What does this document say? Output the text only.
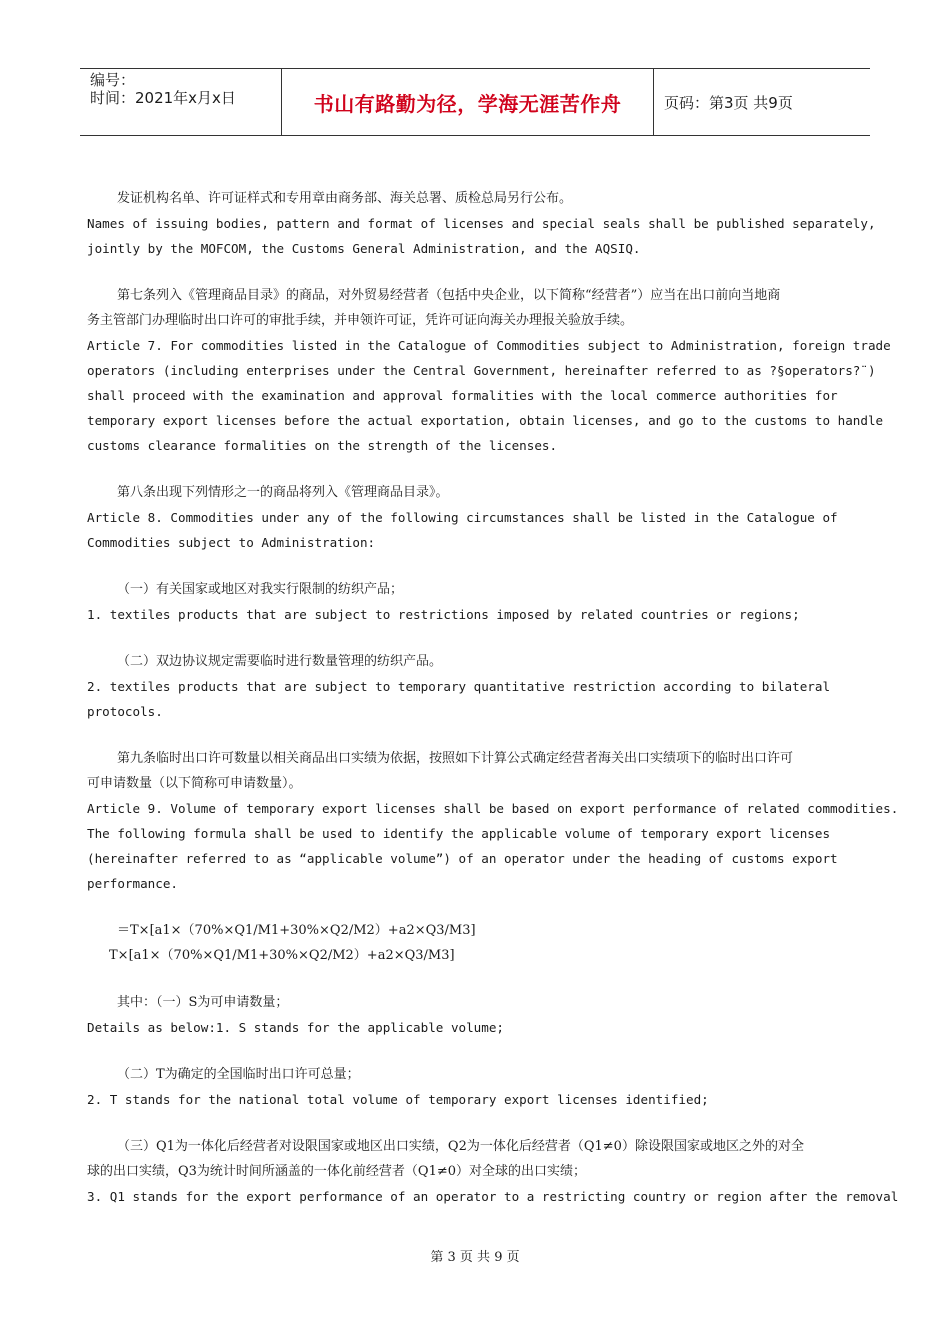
编号：
时间：2021年x月x日	书山有路勤为径，学海无涯苦作舟	页码：第3页 共9页
发证机构名单、许可证样式和专用章由商务部、海关总署、质检总局另行公布。
Names of issuing bodies, pattern and format of licenses and special seals shall be published separately,
jointly by the MOFCOM, the Customs General Administration, and the AQSIQ.
第七条列入《管理商品目录》的商品，对外贸易经营者（包括中央企业，以下简称“经营者”）应当在出口前向当地商
务主管部门办理临时出口许可的审批手续，并申领许可证，凭许可证向海关办理报关验放手续。
Article 7. For commodities listed in the Catalogue of Commodities subject to Administration, foreign trade
operators (including enterprises under the Central Government, hereinafter referred to as ?§operators?¨)
shall proceed with the examination and approval formalities with the local commerce authorities for
temporary export licenses before the actual exportation, obtain licenses, and go to the customs to handle
customs clearance formalities on the strength of the licenses.
第八条出现下列情形之一的商品将列入《管理商品目录》。
Article 8. Commodities under any of the following circumstances shall be listed in the Catalogue of
Commodities subject to Administration:
（一）有关国家或地区对我实行限制的纺织产品；
1. textiles products that are subject to restrictions imposed by related countries or regions;
（二）双边协议规定需要临时进行数量管理的纺织产品。
2. textiles products that are subject to temporary quantitative restriction according to bilateral
protocols.
第九条临时出口许可数量以相关商品出口实绩为依据，按照如下计算公式确定经营者海关出口实绩项下的临时出口许可
可申请数量（以下简称可申请数量）。
Article 9. Volume of temporary export licenses shall be based on export performance of related commodities.
The following formula shall be used to identify the applicable volume of temporary export licenses
(hereinafter referred to as “applicable volume”) of an operator under the heading of customs export
performance.
＝T×[a1×（70%×Q1/M1+30%×Q2/M2）+a2×Q3/M3]
T×[a1×（70%×Q1/M1+30%×Q2/M2）+a2×Q3/M3]
其中：（一）S为可申请数量；
Details as below:1. S stands for the applicable volume;
（二）T为确定的全国临时出口许可总量；
2. T stands for the national total volume of temporary export licenses identified;
（三）Q1为一体化后经营者对设限国家或地区出口实绩，Q2为一体化后经营者（Q1≠0）除设限国家或地区之外的对全
球的出口实绩，Q3为统计时间所涵盖的一体化前经营者（Q1≠0）对全球的出口实绩；
3. Q1 stands for the export performance of an operator to a restricting country or region after the removal
第 3 页 共 9 页
